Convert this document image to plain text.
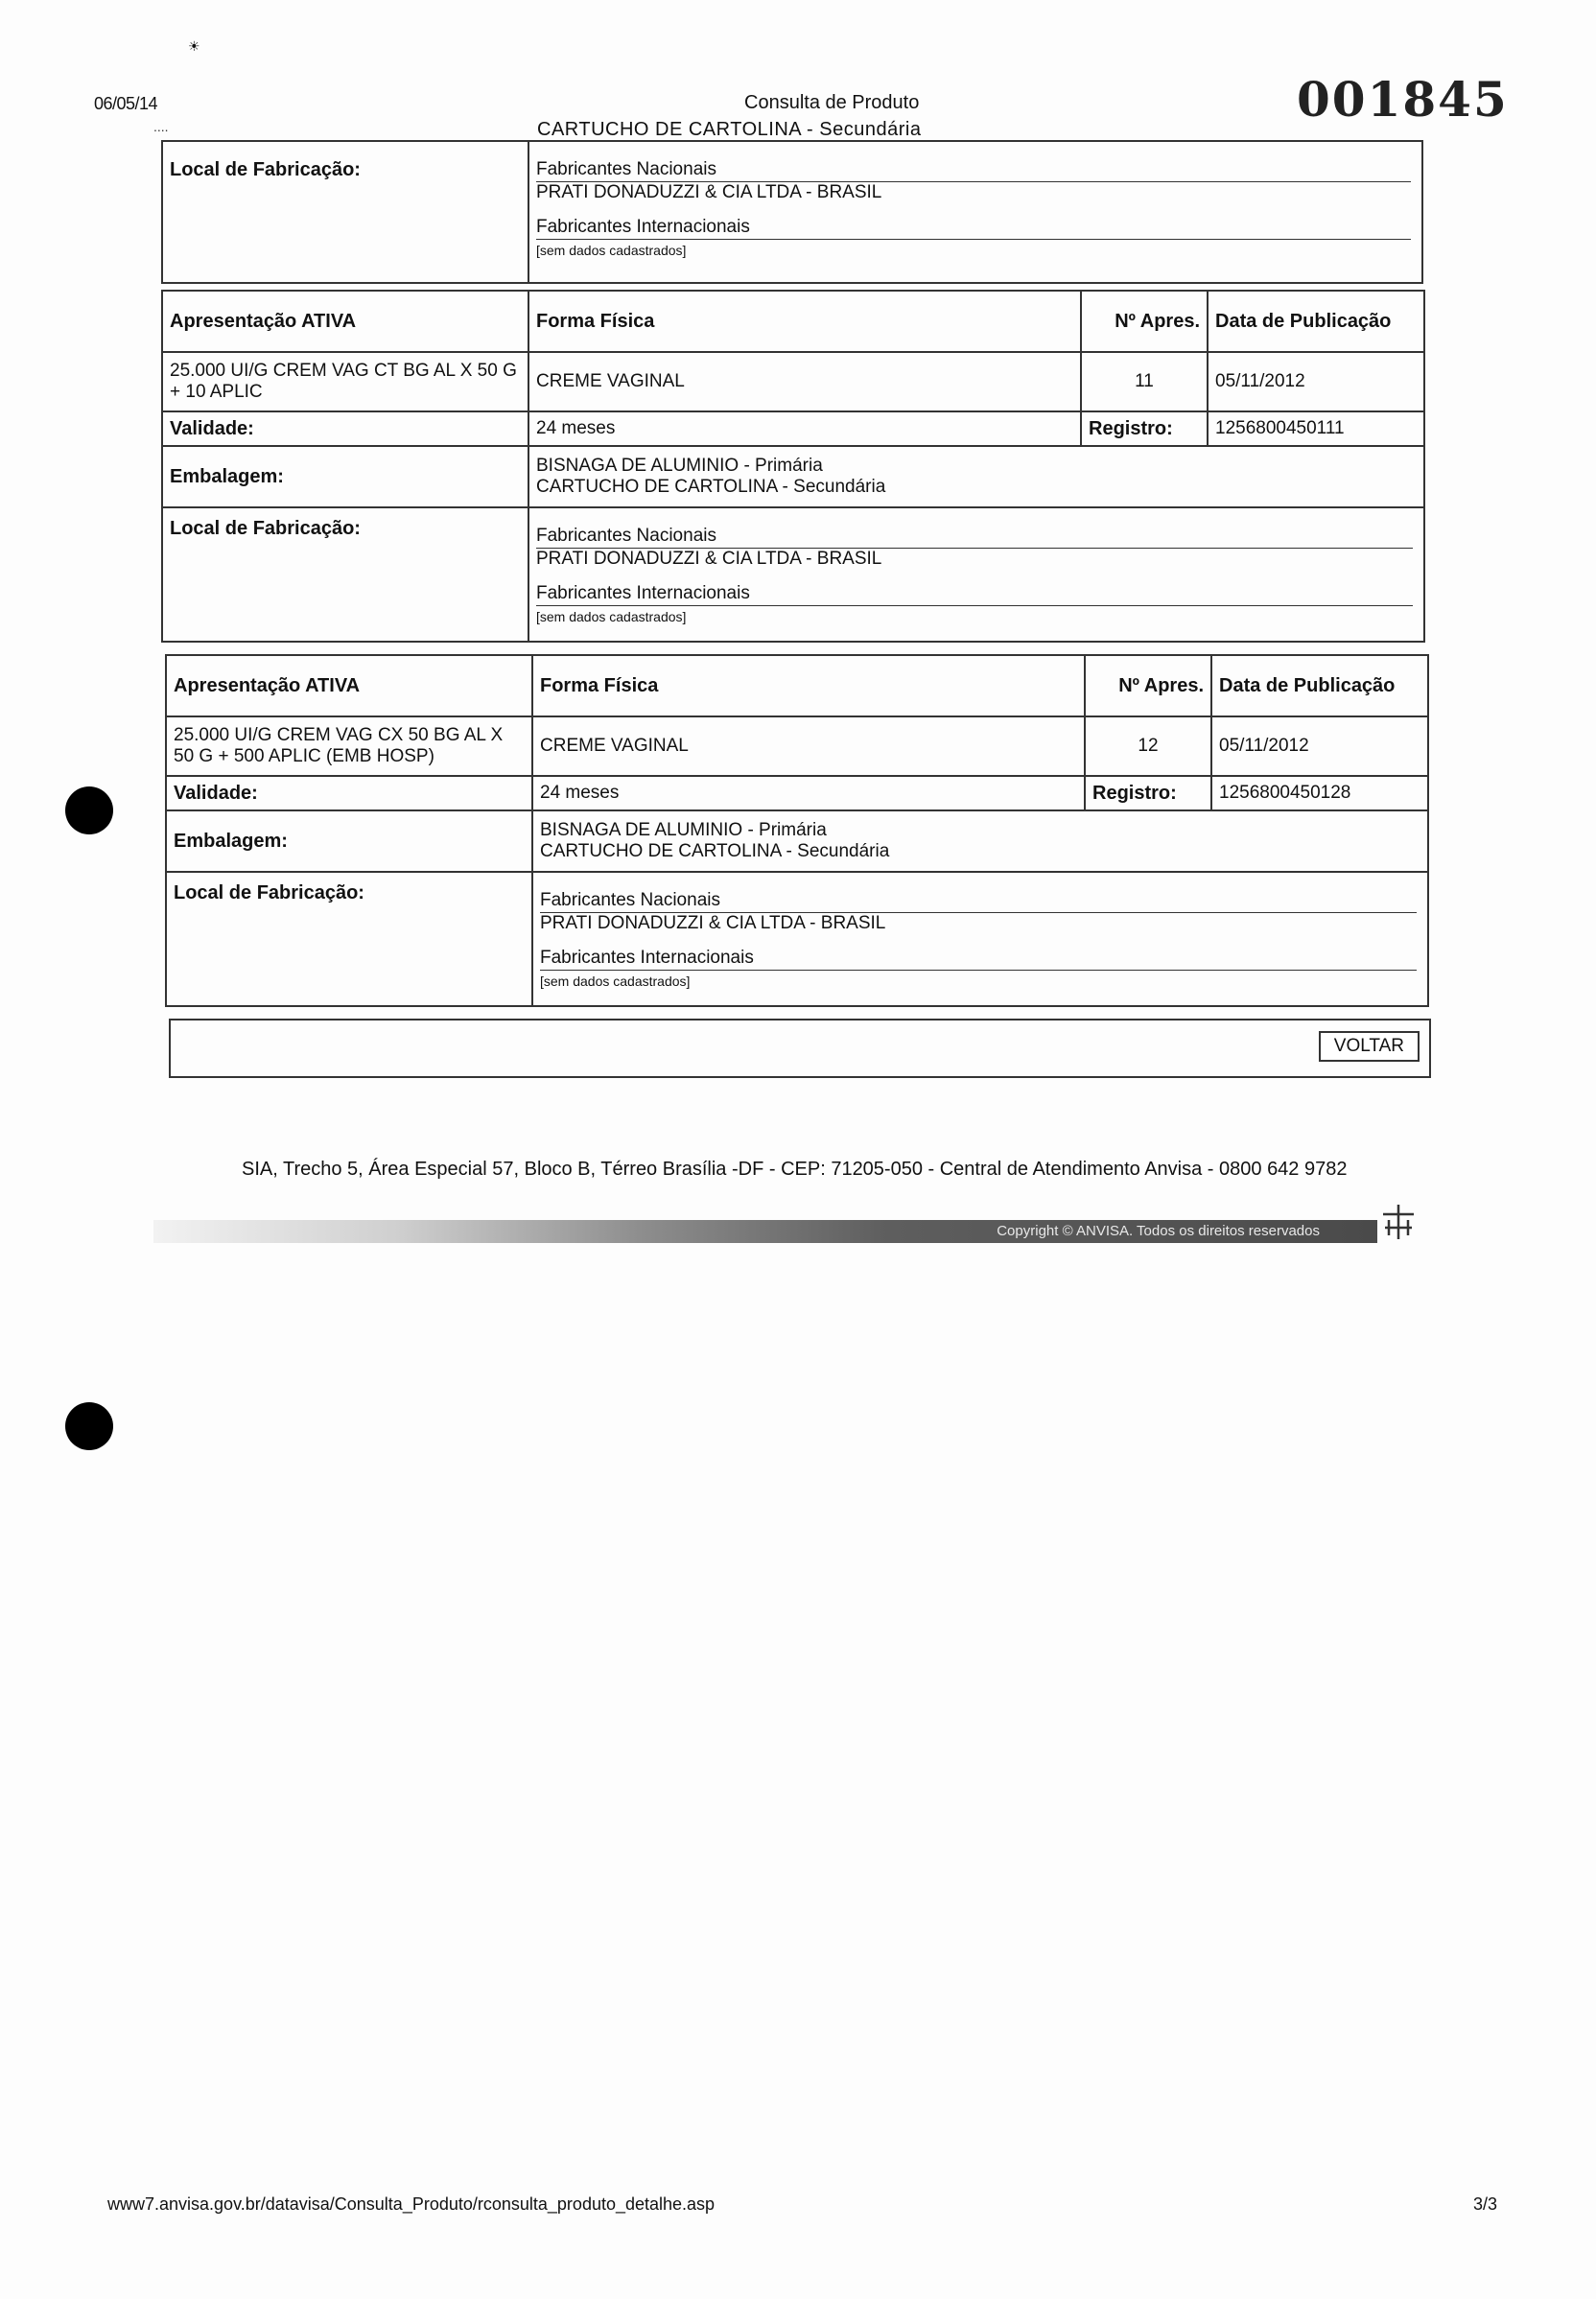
☀
06/05/14	Consulta de Produto	001845
....	CARTUCHO DE CARTOLINA - Secundária
Local de Fabricação:	Fabricantes Nacionais
PRATI DONADUZZI & CIA LTDA - BRASIL
Fabricantes Internacionais
[sem dados cadastrados]
Apresentação ATIVA	Forma Física	Nº Apres.	Data de Publicação
25.000 UI/G CREM VAG CT BG AL X 50 G + 10 APLIC	CREME VAGINAL	11	05/11/2012
Validade:	24 meses	Registro:	1256800450111
Embalagem:	BISNAGA DE ALUMINIO - Primária
CARTUCHO DE CARTOLINA - Secundária		

Local de Fabricação:	Fabricantes Nacionais
PRATI DONADUZZI & CIA LTDA - BRASIL
Fabricantes Internacionais
[sem dados cadastrados]		
Apresentação ATIVA	Forma Física	Nº Apres.	Data de Publicação
25.000 UI/G CREM VAG CX 50 BG AL X 50 G + 500 APLIC (EMB HOSP)	CREME VAGINAL	12	05/11/2012
Validade:	24 meses	Registro:	1256800450128
Embalagem:	BISNAGA DE ALUMINIO - Primária
CARTUCHO DE CARTOLINA - Secundária		

Local de Fabricação:	Fabricantes Nacionais
PRATI DONADUZZI & CIA LTDA - BRASIL
Fabricantes Internacionais
[sem dados cadastrados]		
VOLTAR
SIA, Trecho 5, Área Especial 57, Bloco B, Térreo Brasília -DF - CEP: 71205-050 - Central de Atendimento Anvisa - 0800 642 9782
Copyright © ANVISA. Todos os direitos reservados
www7.anvisa.gov.br/datavisa/Consulta_Produto/rconsulta_produto_detalhe.asp	3/3
